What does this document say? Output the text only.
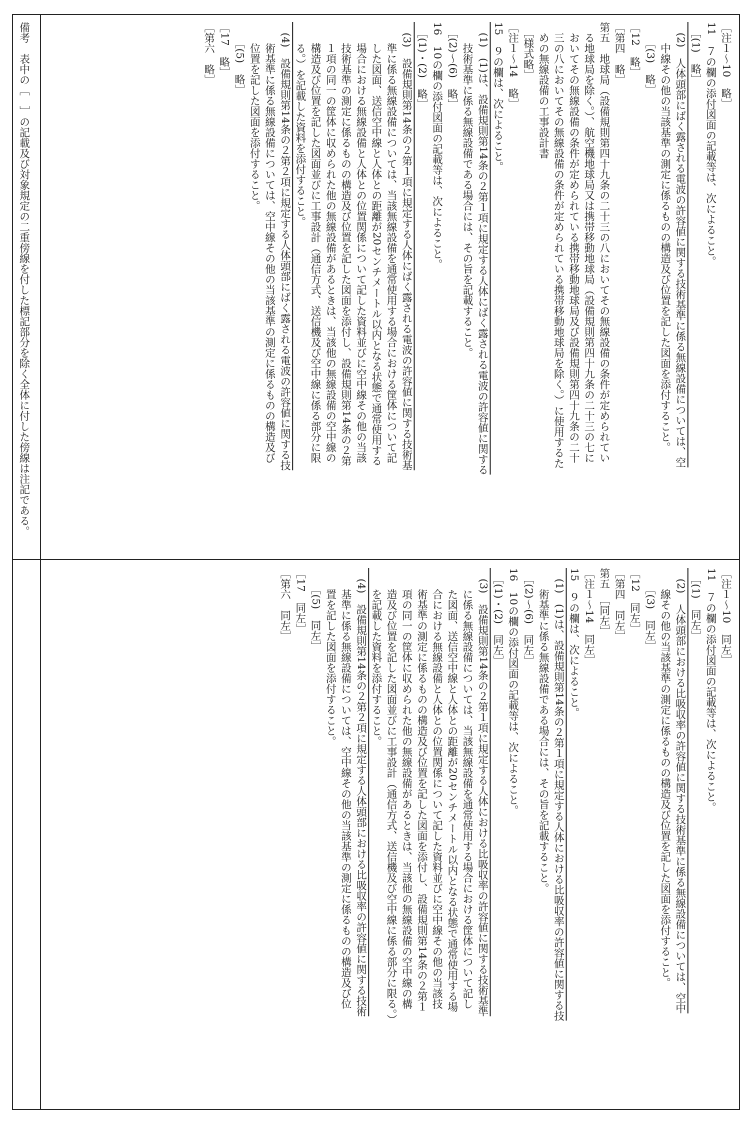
備考　表中の［　］の記載及び対象規定の二重傍線を付した標記部分を除く全体に付した傍線は注記である。	［注１～10　略］
11　７の欄の添付図面の記載等は、次によること。
　［(1)　略］
　(2)　人体頭部にばく露される電波の許容値に関する技術基準に係る無線設備については、空
　　中線その他の当該基準の測定に係るものの構造及び位置を記した図面を添付すること。
　　［(3)　略］
［12　略］
［第四　略］
第五　地球局（設備規則第四十九条の二十三の八においてその無線設備の条件が定められてい
　る地球局を除く。）、航空機地球局又は携帯移動地球局（設備規則第四十九条の二十三の七に
　おいてその無線設備の条件が定められている携帯移動地球局及び設備規則第四十九条の二十
　三の八においてその無線設備の条件が定められている携帯移動地球局を除く。）に使用するた
　めの無線設備の工事設計書
　［様式略］
［注１～14　略］
15　９の欄は、次によること。
　(1)　(1)は、設備規則第14条の２第１項に規定する人体にばく露される電波の許容値に関する
　　技術基準に係る無線設備である場合には、その旨を記載すること。
　［(2)～(6)　略］
16　10の欄の添付図面の記載等は、次によること。
　［(1)・(2)　略］
　(3)　設備規則第14条の２第１項に規定する人体にばく露される電波の許容値に関する技術基
　　準に係る無線設備については、当該無線設備を通常使用する場合における筐体について記
　　した図面、送信空中線と人体との距離が20センチメートル以内となる状態で通常使用する
　　場合における無線設備と人体との位置関係について記した資料並びに空中線その他の当該
　　技術基準の測定に係るものの構造及び位置を記した図面を添付し、設備規則第14条の２第
　　１項の同一の筐体に収められた他の無線設備があるときは、当該他の無線設備の空中線の
　　構造及び位置を記した図面並びに工事設計（通信方式、送信機及び空中線に係る部分に限
　　る。）を記載した資料を添付すること。
　(4)　設備規則第14条の２第２項に規定する人体頭部にばく露される電波の許容値に関する技
　　術基準に係る無線設備については、空中線その他の当該基準の測定に係るものの構造及び
　　位置を記した図面を添付すること。
　　［(5)　略］
［17　略］
［第六　略］
［注１～10　同左］
11　７の欄の添付図面の記載等は、次によること。
　［(1)　同左］
　(2)　人体頭部における比吸収率の許容値に関する技術基準に係る無線設備については、空中
　　線その他の当該基準の測定に係るものの構造及び位置を記した図面を添付すること。
　　［(3)　同左］
［12　同左］
［第四　同左］
第五　［同左］
［注１～14　同左］
15　９の欄は、次によること。
　(1)　(1)は、設備規則第14条の２第１項に規定する人体における比吸収率の許容値に関する技
　　術基準に係る無線設備である場合には、その旨を記載すること。
　［(2)～(6)　同左］
16　10の欄の添付図面の記載等は、次によること。
　［(1)・(2)　同左］
　(3)　設備規則第14条の２第１項に規定する人体における比吸収率の許容値に関する技術基準
　　に係る無線設備については、当該無線設備を通常使用する場合における筐体について記し
　　た図面、送信空中線と人体との距離が20センチメートル以内となる状態で通常使用する場
　　合における無線設備と人体との位置関係について記した資料並びに空中線その他の当該技
　　術基準の測定に係るものの構造及び位置を記した図面を添付し、設備規則第14条の２第１
　　項の同一の筐体に収められた他の無線設備があるときは、当該他の無線設備の空中線の構
　　造及び位置を記した図面並びに工事設計（通信方式、送信機及び空中線に係る部分に限る。）
　　を記載した資料を添付すること。
　(4)　設備規則第14条の２第２項に規定する人体頭部における比吸収率の許容値に関する技術
　　基準に係る無線設備については、空中線その他の当該基準の測定に係るものの構造及び位
　　置を記した図面を添付すること。
　　［(5)　同左］
［17　同左］
［第六　同左］
